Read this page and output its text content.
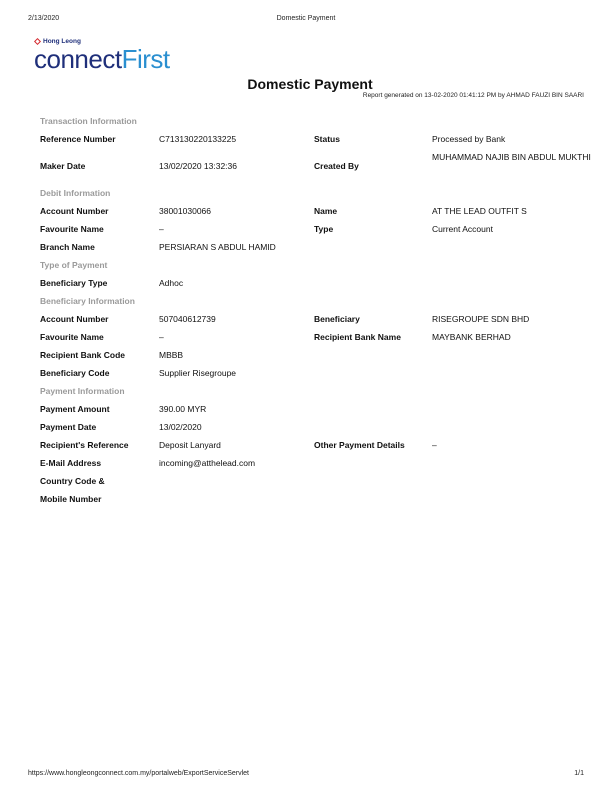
2/13/2020	Domestic Payment
Hong Leong
connectFirst
Domestic Payment
Report generated on 13-02-2020 01:41:12 PM by AHMAD FAUZI BIN SAARI
Transaction Information
Reference Number	C713130220133225	Status	Processed by Bank
Maker Date	13/02/2020 13:32:36	Created By
MUHAMMAD NAJIB BIN ABDUL MUKTHI
Debit Information
Account Number	38001030066	Name	AT THE LEAD OUTFIT S
Favourite Name	–	Type	Current Account
Branch Name	PERSIARAN S ABDUL HAMID
Type of Payment
Beneficiary Type	Adhoc
Beneficiary Information
Account Number	507040612739	Beneficiary	RISEGROUPE SDN BHD
Favourite Name	–	Recipient Bank Name	MAYBANK BERHAD
Recipient Bank Code	MBBB
Beneficiary Code	Supplier Risegroupe
Payment Information
Payment Amount	390.00 MYR
Payment Date	13/02/2020
Recipient's Reference	Deposit Lanyard	Other Payment Details	–
E-Mail Address	incoming@atthelead.com
Country Code &
Mobile Number
https://www.hongleongconnect.com.my/portalweb/ExportServiceServlet	1/1
